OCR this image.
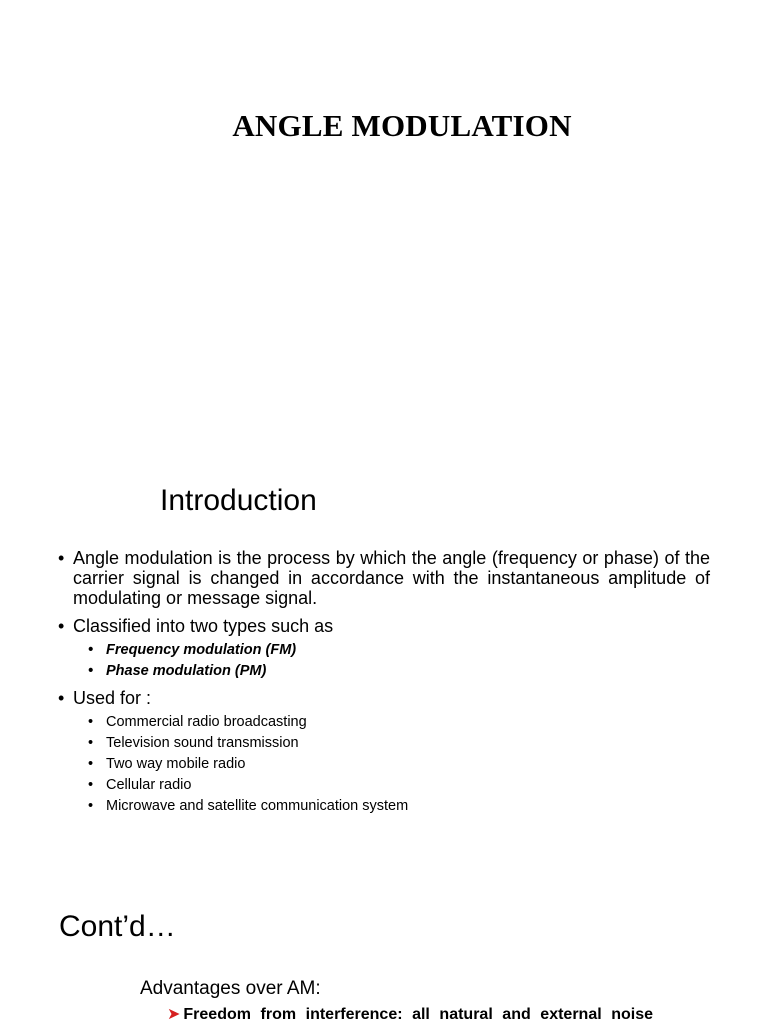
ANGLE MODULATION
Introduction
• Angle modulation is the process by which the angle (frequency or phase) of the carrier signal is changed in accordance with the instantaneous amplitude of modulating or message signal.
• Classified into two types such as
• Frequency modulation (FM)
• Phase modulation (PM)
• Used for :
• Commercial radio broadcasting
• Television sound transmission
• Two way mobile radio
• Cellular radio
• Microwave and satellite communication system
Cont’d…
Advantages over AM:
➤ Freedom from interference: all natural and external noise
